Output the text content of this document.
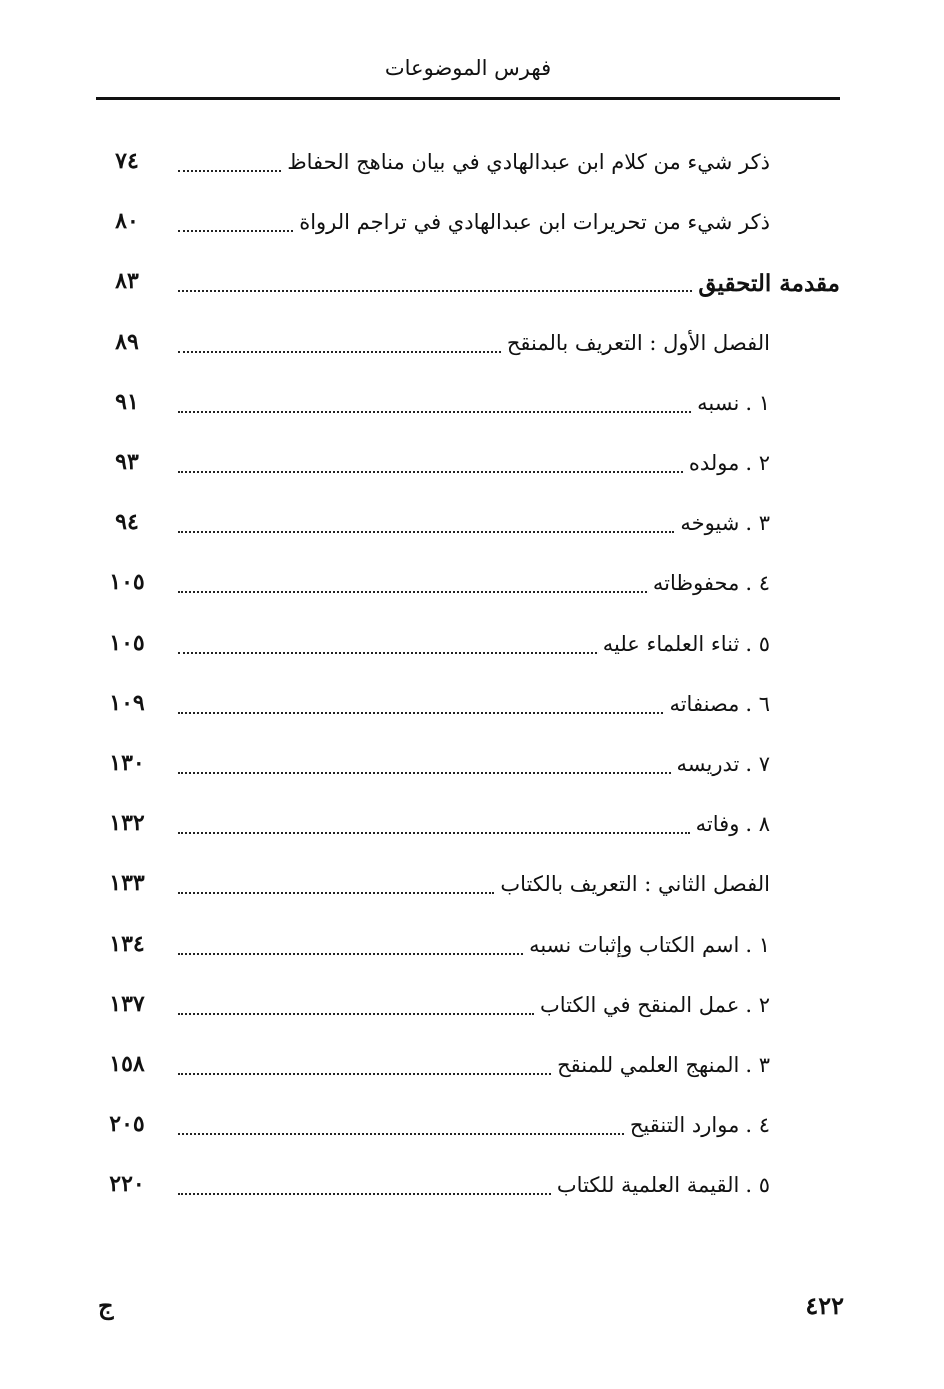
فهرس الموضوعات
ذكر شيء من كلام ابن عبدالهادي في بيان مناهج الحفاظ
٧٤
ذكر شيء من تحريرات ابن عبدالهادي في تراجم الرواة
٨٠
مقدمة التحقيق
٨٣
الفصل الأول : التعريف بالمنقح
٨٩
١ .نسبه
٩١
٢ .مولده
٩٣
٣ .شيوخه
٩٤
٤ .محفوظاته
١٠٥
٥ .ثناء العلماء عليه
١٠٥
٦ .مصنفاته
١٠٩
٧ .تدريسه
١٣٠
٨ .وفاته
١٣٢
الفصل الثاني : التعريف بالكتاب
١٣٣
١ .اسم الكتاب وإثبات نسبه
١٣٤
٢ .عمل المنقح في الكتاب
١٣٧
٣ .المنهج العلمي للمنقح
١٥٨
٤ .موارد التنقيح
٢٠٥
٥ .القيمة العلمية للكتاب
٢٢٠
٤٢٢
ج
